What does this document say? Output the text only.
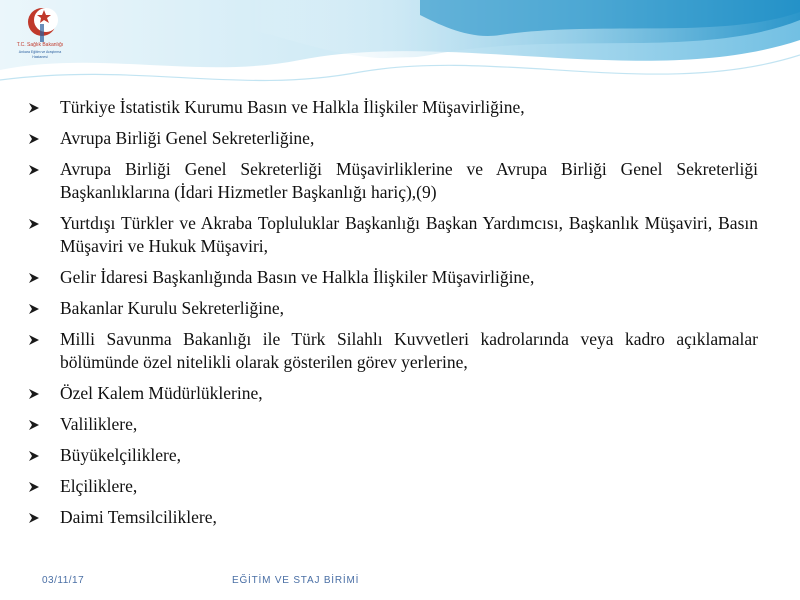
T.C. Sağlık Bakanlığı
Ankara Eğitim ve Araştırma Hastanesi
Türkiye İstatistik Kurumu Basın ve Halkla İlişkiler Müşavirliğine,
Avrupa Birliği Genel Sekreterliğine,
Avrupa Birliği Genel Sekreterliği Müşavirliklerine ve Avrupa Birliği Genel Sekreterliği Başkanlıklarına (İdari Hizmetler Başkanlığı hariç),(9)
Yurtdışı Türkler ve Akraba Topluluklar Başkanlığı Başkan Yardımcısı, Başkanlık Müşaviri, Basın Müşaviri ve Hukuk Müşaviri,
Gelir İdaresi Başkanlığında Basın ve Halkla İlişkiler Müşavirliğine,
Bakanlar Kurulu Sekreterliğine,
Milli Savunma Bakanlığı ile Türk Silahlı Kuvvetleri kadrolarında veya kadro açıklamalar bölümünde özel nitelikli olarak gösterilen görev yerlerine,
Özel Kalem Müdürlüklerine,
Valiliklere,
Büyükelçiliklere,
Elçiliklere,
Daimi Temsilciliklere,
03/11/17	EĞİTİM VE STAJ BİRİMİ
